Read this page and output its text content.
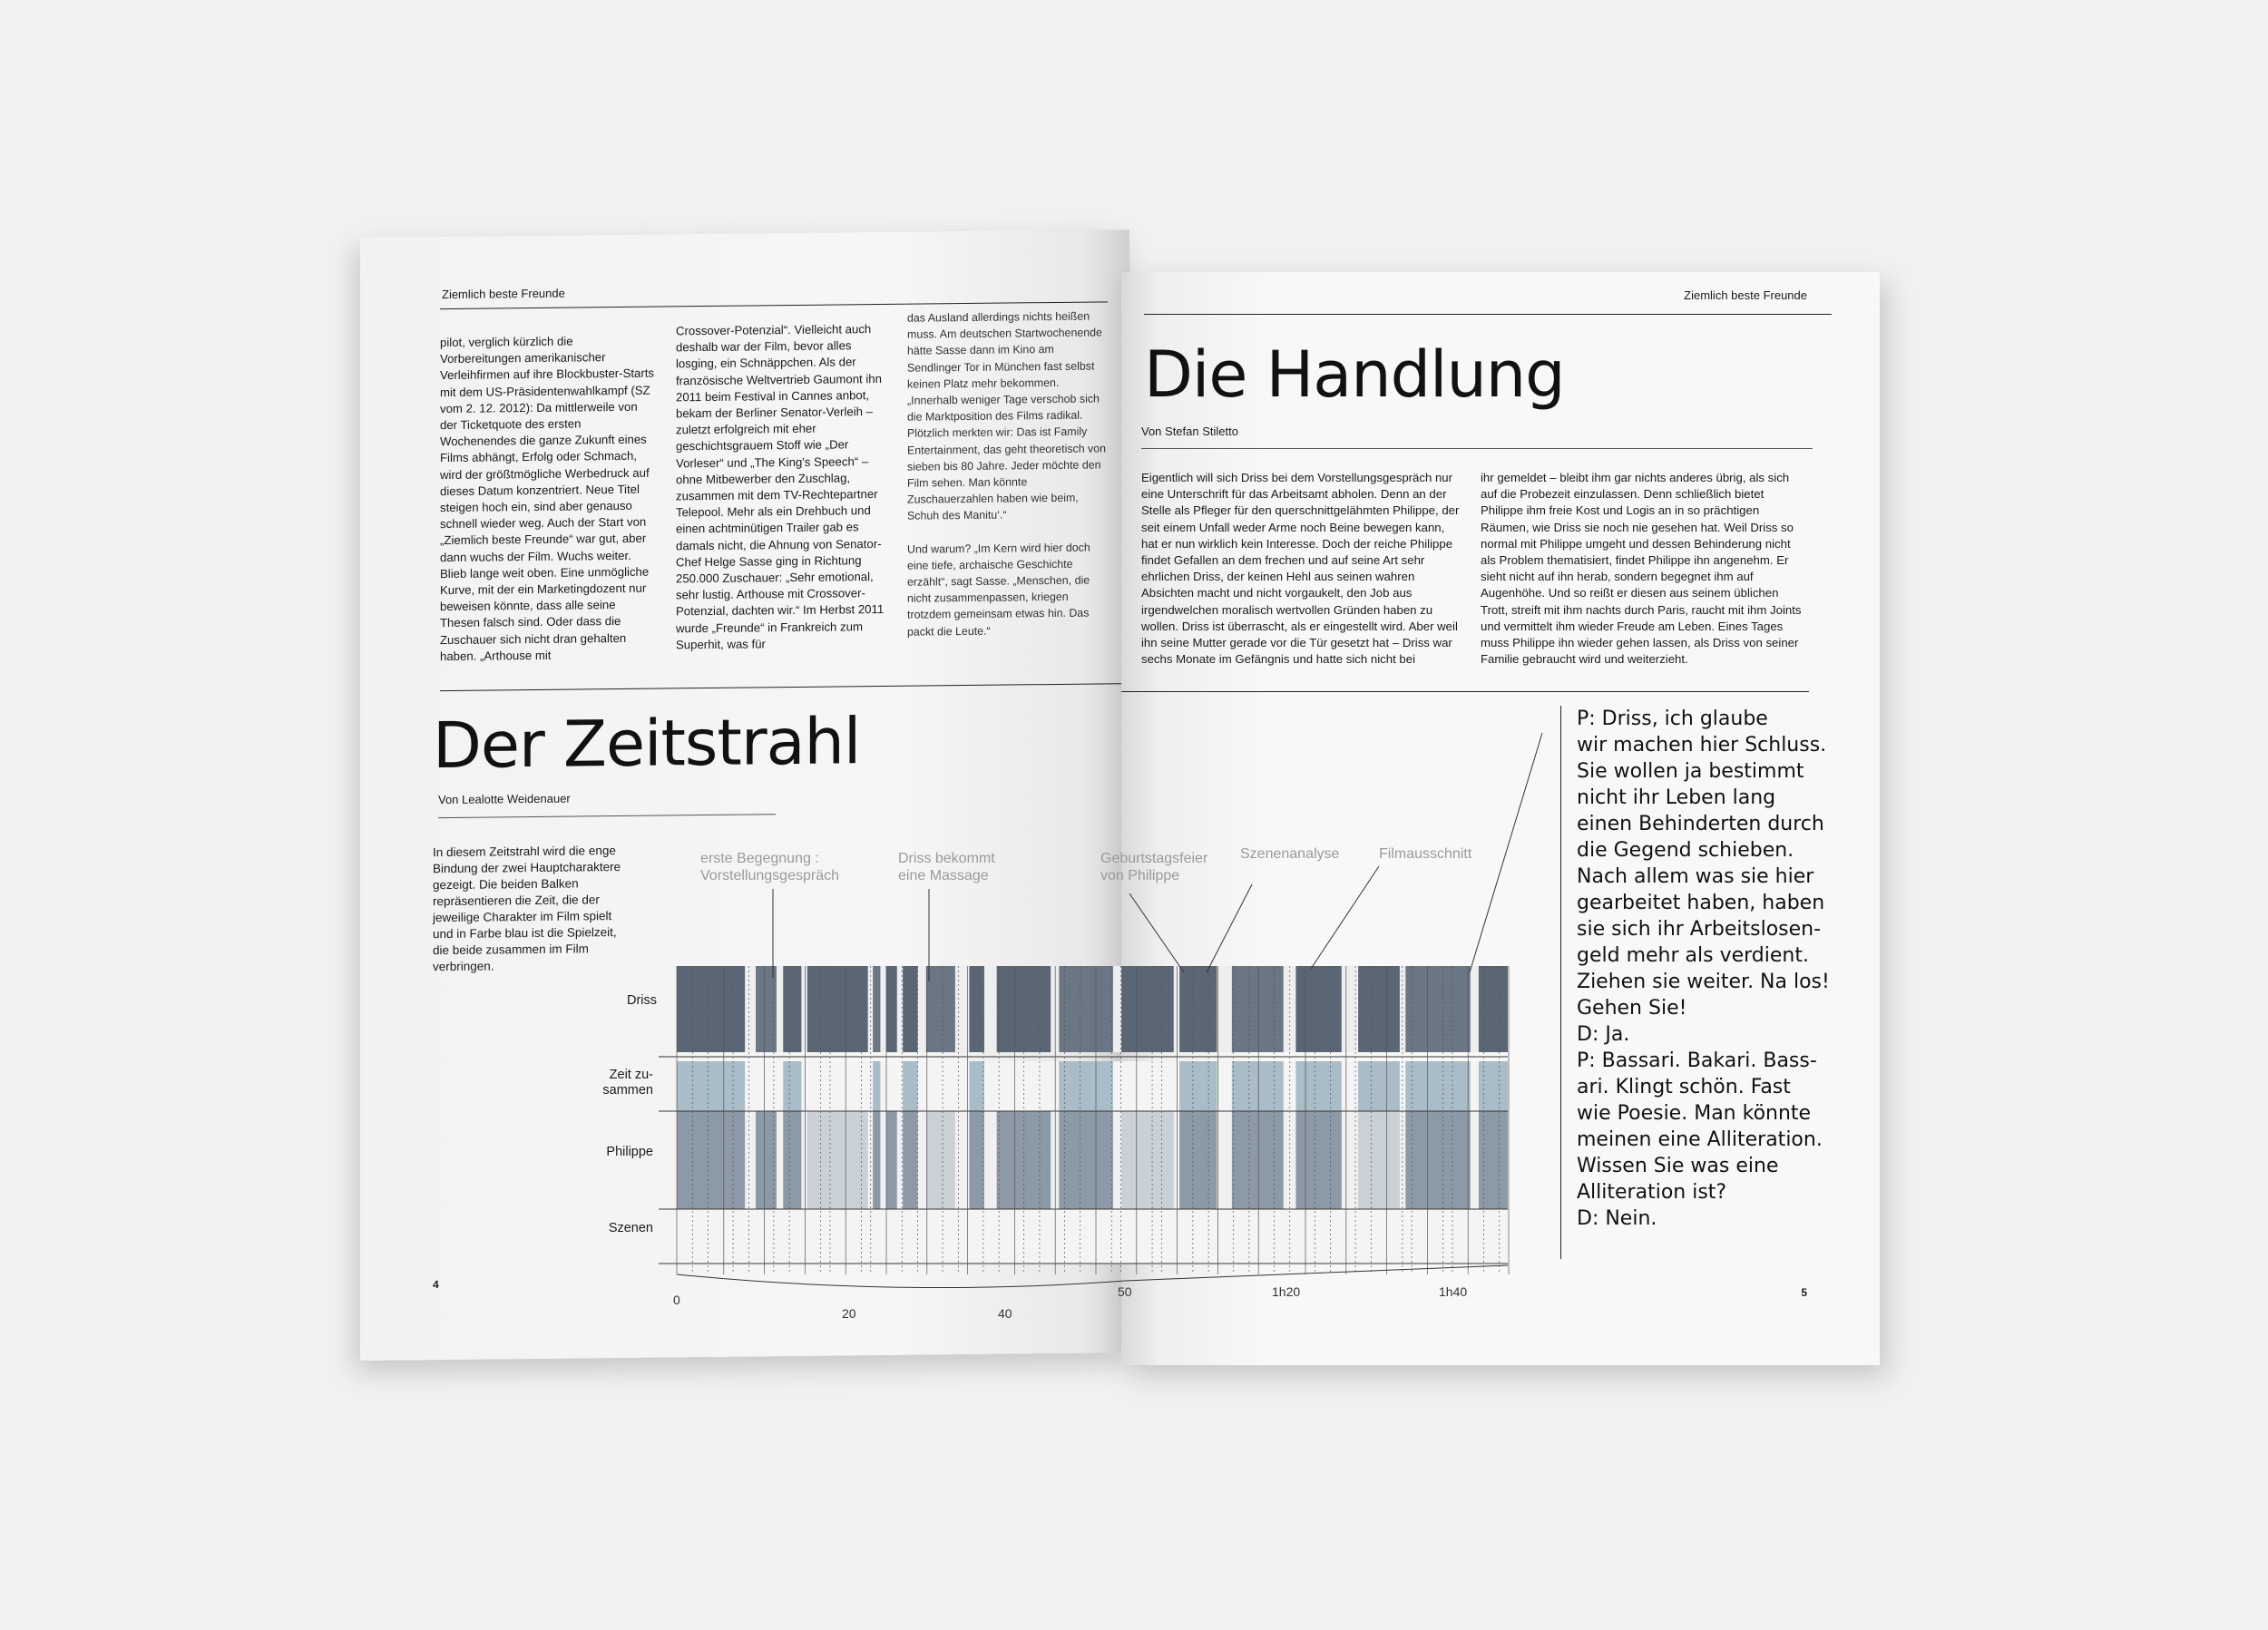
Ziemlich beste Freunde

pilot, verglich kürzlich die Vorbereitungen amerikanischer Verleihfirmen auf ihre Blockbuster-Starts mit dem US-Präsidentenwahlkampf (SZ vom 2. 12. 2012): Da mittlerweile von der Ticketquote des ersten Wochenendes die ganze Zukunft eines Films abhängt, Erfolg oder Schmach, wird der größtmögliche Werbedruck auf dieses Datum konzentriert. Neue Titel steigen hoch ein, sind aber genauso schnell wieder weg. Auch der Start von „Ziemlich beste Freunde“ war gut, aber dann wuchs der Film. Wuchs weiter. Blieb lange weit oben. Eine unmögliche Kurve, mit der ein Marketingdozent nur beweisen könnte, dass alle seine Thesen falsch sind. Oder dass die Zuschauer sich nicht dran gehalten haben. „Arthouse mit

Crossover-Potenzial“. Vielleicht auch deshalb war der Film, bevor alles losging, ein Schnäppchen. Als der französische Weltvertrieb Gaumont ihn 2011 beim Festival in Cannes anbot, bekam der Berliner Senator-Verleih – zuletzt erfolgreich mit eher geschichtsgrauem Stoff wie „Der Vorleser“ und „The King's Speech“ – ohne Mitbewerber den Zuschlag, zusammen mit dem TV-Rechtepartner Telepool. Mehr als ein Drehbuch und einen achtminütigen Trailer gab es damals nicht, die Ahnung von Senator-Chef Helge Sasse ging in Richtung 250.000 Zuschauer: „Sehr emotional, sehr lustig. Arthouse mit Crossover-Potenzial, dachten wir.“ Im Herbst 2011 wurde „Freunde“ in Frankreich zum Superhit, was für

das Ausland allerdings nichts heißen muss. Am deutschen Startwochenende hätte Sasse dann im Kino am Sendlinger Tor in München fast selbst keinen Platz mehr bekommen. „Innerhalb weniger Tage verschob sich die Marktposition des Films radikal. Plötzlich merkten wir: Das ist Family Entertainment, das geht theoretisch von sieben bis 80 Jahre. Jeder möchte den Film sehen. Man könnte Zuschauerzahlen haben wie beim, Schuh des Manitu‘.“

Und warum? „Im Kern wird hier doch eine tiefe, archaische Geschichte erzählt“, sagt Sasse. „Menschen, die nicht zusammenpassen, kriegen trotzdem gemeinsam etwas hin. Das packt die Leute.“

Der Zeitstrahl
Von Lealotte Weidenauer
In diesem Zeitstrahl wird die enge Bindung der zwei Hauptcharaktere gezeigt. Die beiden Balken repräsentieren die Zeit, die der jeweilige Charakter im Film spielt und in Farbe blau ist die Spielzeit, die beide zusammen im Film verbringen.
4
Ziemlich beste Freunde
Die Handlung
Von Stefan Stiletto

Eigentlich will sich Driss bei dem Vorstellungsgespräch nur eine Unterschrift für das Arbeitsamt abholen. Denn an der Stelle als Pfleger für den querschnittgelähmten Philippe, der seit einem Unfall weder Arme noch Beine bewegen kann, hat er nun wirklich kein Interesse. Doch der reiche Philippe findet Gefallen an dem frechen und auf seine Art sehr ehrlichen Driss, der keinen Hehl aus seinen wahren Absichten macht und nicht vorgaukelt, den Job aus irgendwelchen moralisch wertvollen Gründen haben zu wollen. Driss ist überrascht, als er eingestellt wird. Aber weil ihn seine Mutter gerade vor die Tür gesetzt hat – Driss war sechs Monate im Gefängnis und hatte sich nicht bei

ihr gemeldet – bleibt ihm gar nichts anderes übrig, als sich auf die Probezeit einzulassen. Denn schließlich bietet Philippe ihm freie Kost und Logis an in so prächtigen Räumen, wie Driss sie noch nie gesehen hat. Weil Driss so normal mit Philippe umgeht und dessen Behinderung nicht als Problem thematisiert, findet Philippe ihn angenehm. Er sieht nicht auf ihn herab, sondern begegnet ihm auf Augenhöhe. Und so reißt er diesen aus seinem üblichen Trott, streift mit ihm nachts durch Paris, raucht mit ihm Joints und vermittelt ihm wieder Freude am Leben. Eines Tages muss Philippe ihn wieder gehen lassen, als Driss von seiner Familie gebraucht wird und weiterzieht.

P: Driss, ich glaube
wir machen hier Schluss.
Sie wollen ja bestimmt
nicht ihr Leben lang
einen Behinderten durch
die Gegend schieben.
Nach allem was sie hier
gearbeitet haben, haben
sie sich ihr Arbeitslosen-
geld mehr als verdient.
Ziehen sie weiter. Na los!
Gehen Sie!
D: Ja.
P: Bassari. Bakari. Bass-
ari. Klingt schön. Fast
wie Poesie. Man könnte
meinen eine Alliteration.
Wissen Sie was eine
Alliteration ist?
D: Nein.
5
Driss
Zeit zu-
sammen
Philippe
Szenen
erste Begegnung :
Vorstellungsgespräch
Driss bekommt
eine Massage
Geburtstagsfeier
von Philippe
Szenenanalyse	Filmausschnitt
0
20	40
50	1h20	1h40
